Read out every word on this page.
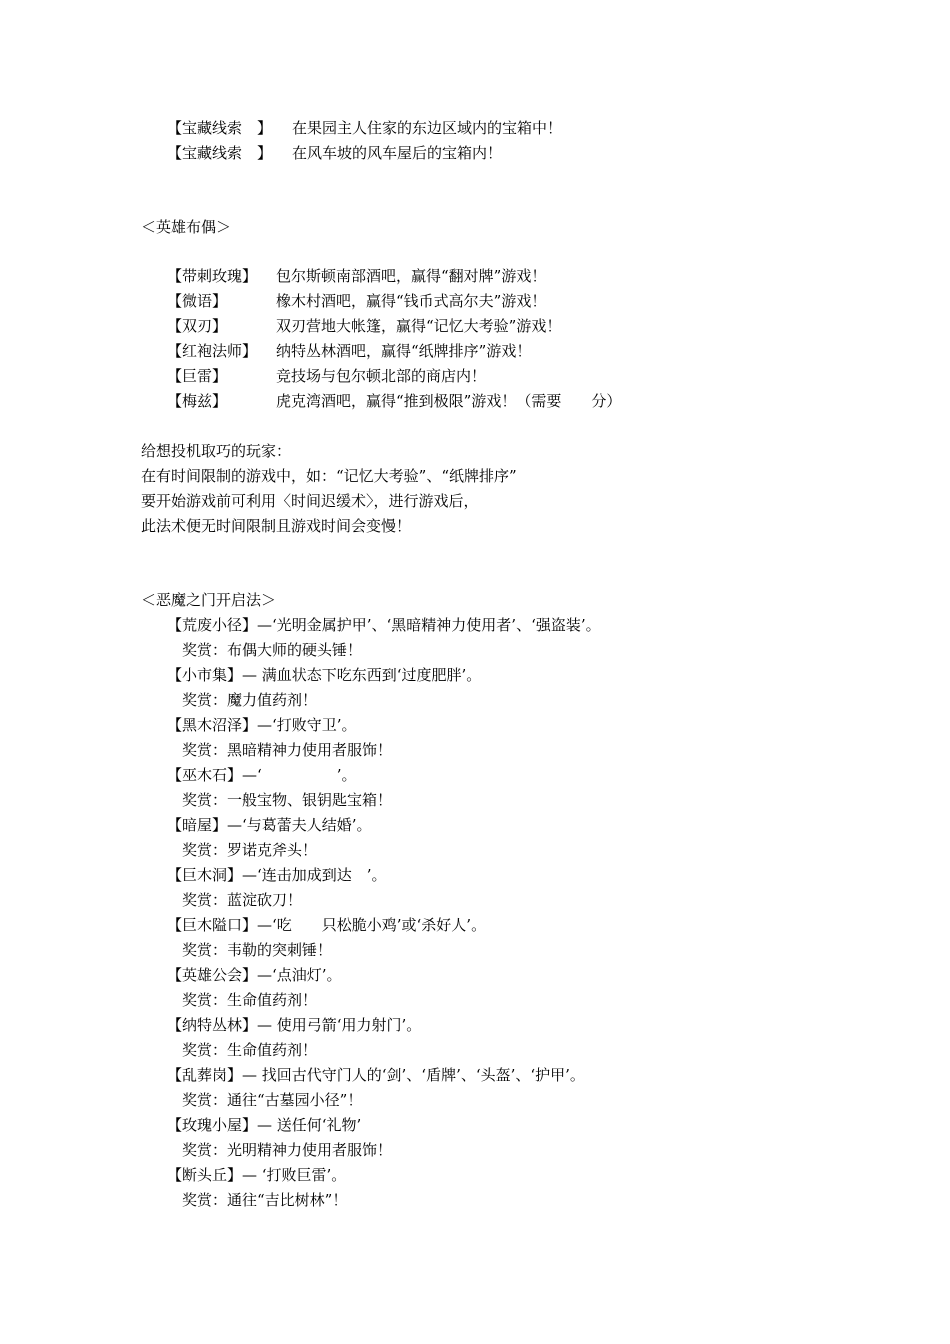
【宝藏线索　】 在果园主人住家的东边区域内的宝箱中！
【宝藏线索　】 在风车坡的风车屋后的宝箱内！
＜英雄布偶＞
【带刺玫瑰】 包尔斯顿南部酒吧，赢得“翻对牌”游戏！
【微语】	橡木村酒吧，赢得“钱币式高尔夫”游戏！
【双刃】	双刃营地大帐篷，赢得“记忆大考验”游戏！
【红袍法师】 纳特丛林酒吧，赢得“纸牌排序”游戏！
【巨雷】	竞技场与包尔顿北部的商店内！
【梅兹】	虎克湾酒吧，赢得“推到极限”游戏！（需要　　分）
给想投机取巧的玩家：
在有时间限制的游戏中，如：“记忆大考验”、“纸牌排序”
要开始游戏前可利用〈时间迟缓术〉，进行游戏后，
此法术便无时间限制且游戏时间会变慢！
＜恶魔之门开启法＞
【荒废小径】—‘光明金属护甲’、‘黑暗精神力使用者’、‘强盗装’。
奖赏：布偶大师的硬头锤！
【小市集】— 满血状态下吃东西到‘过度肥胖’。
奖赏：魔力值药剂！
【黑木沼泽】—‘打败守卫’。
奖赏：黑暗精神力使用者服饰！
【巫木石】—‘　　　　　’。
奖赏：一般宝物、银钥匙宝箱！
【暗屋】—‘与葛蕾夫人结婚’。
奖赏：罗诺克斧头！
【巨木洞】—‘连击加成到达　’。
奖赏：蓝淀砍刀！
【巨木隘口】—‘吃　　只松脆小鸡’或‘杀好人’。
奖赏：韦勒的突刺锤！
【英雄公会】—‘点油灯’。
奖赏：生命值药剂！
【纳特丛林】— 使用弓箭‘用力射门’。
奖赏：生命值药剂！
【乱葬岗】— 找回古代守门人的‘剑’、‘盾牌’、‘头盔’、‘护甲’。
奖赏：通往“古墓园小径”！
【玫瑰小屋】— 送任何‘礼物’
奖赏：光明精神力使用者服饰！
【断头丘】— ‘打败巨雷’。
奖赏：通往“吉比树林”！
